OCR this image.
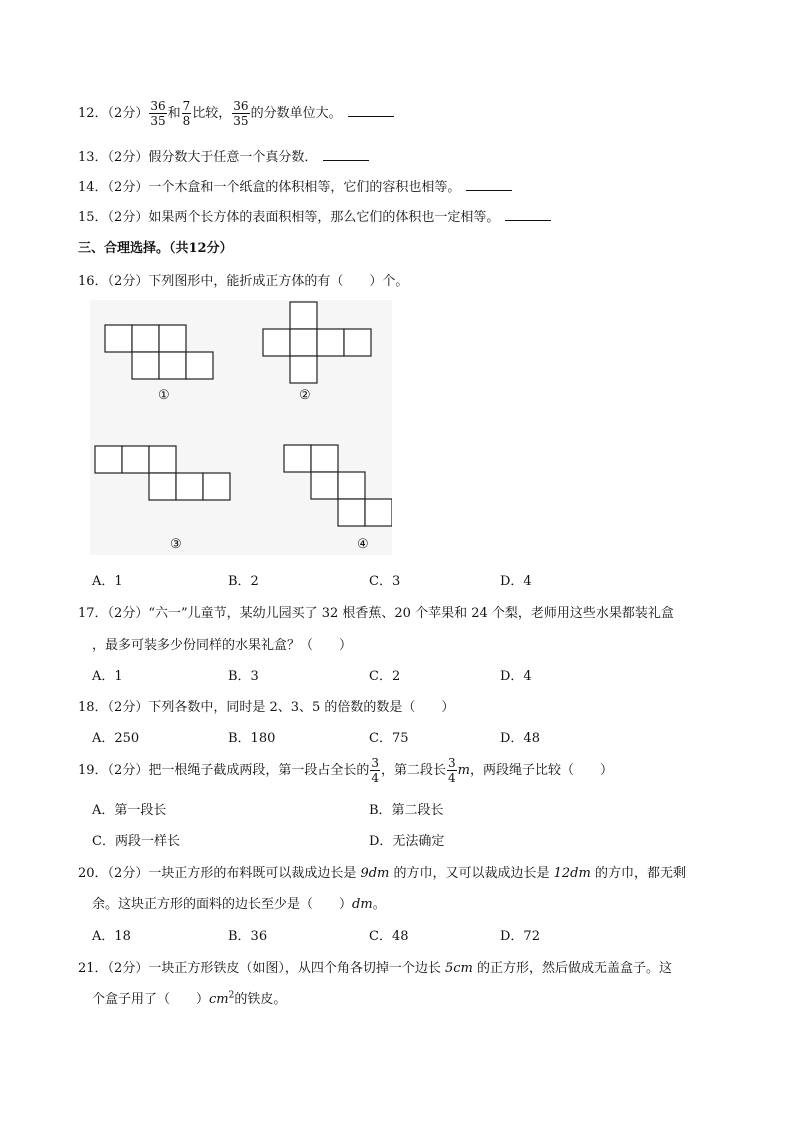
12．（2分） $\frac{36}{35}$ 和 $\frac{7}{8}$ 比较， $\frac{36}{35}$ 的分数单位大。
13．（2分）假分数大于任意一个真分数．
14．（2分）一个木盒和一个纸盒的体积相等，它们的容积也相等。
15．（2分）如果两个长方体的表面积相等，那么它们的体积也一定相等。
三、合理选择。（共12分）
16．（2分）下列图形中，能折成正方体的有（　　）个。
①	②
③	④
A．1	B．2	C．3	D．4
17．（2分）“六一”儿童节，某幼儿园买了 32 根香蕉、20 个苹果和 24 个梨，老师用这些水果都装礼盒
，最多可装多少份同样的水果礼盒？（　　）
A．1	B．3	C．2	D．4
18．（2分）下列各数中，同时是 2、3、5 的倍数的数是（　　）
A．250	B．180	C．75	D．48
19．（2分）把一根绳子截成两段，第一段占全长的 $\frac{3}{4}$ ，第二段长 $\frac{3}{4}$ m，两段绳子比较（　　）
A．第一段长	B．第二段长
C．两段一样长	D．无法确定
20．（2分）一块正方形的布料既可以裁成边长是 9dm 的方巾，又可以裁成边长是 12dm 的方巾，都无剩
余。这块正方形的面料的边长至少是（　　）dm。
A．18	B．36	C．48	D．72
21．（2分）一块正方形铁皮（如图），从四个角各切掉一个边长 5cm 的正方形，然后做成无盖盒子。这
个盒子用了（　　）$cm^2$的铁皮。
